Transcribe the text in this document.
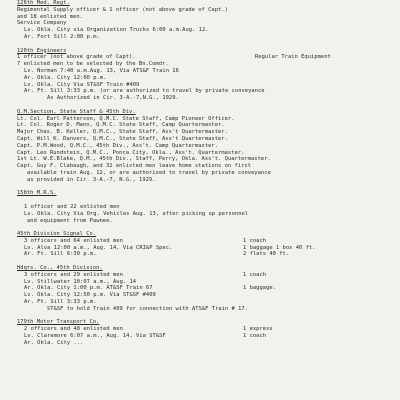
126th Med. Regt.
Regimental Supply officer & 1 officer (not above grade of Capt.)
and 18 enlisted men.
Service Company
Lv. Okla. City via Organization Trucks 6:00 a.m.Aug. 12.
Ar. Fort Sill 2:00 p.m.
120th Engineers
1 officer (not above grade of Capt).	Regular Train Equipment
7 enlisted men to be selected by the Bn.Comdr.
Lv. Norman 7:40 a.m.Aug. 13, Via ATS&F Train 16
Ar. Okla. City 12:00 p.m.
Lv. Okla. City Via ST&SF Train #409
Ar. Ft. Sill 3:33 p.m. (or are authorized to travel by private conveyance
As Authorized in Cir. 3-A.-7,N.G., 1929.
Q.M.Section, State Staff & 45th Div.
Lt. Col. Earl Patterson, Q.M.C. State Staff, Camp Pioneer Officer.
Lt. Col. Roger D. Mann, Q.M.C. State Staff, Camp Quartermaster.
Major Chas. B. Keller, Q.M.C., State Staff, Ass't Quartermaster.
Capt. Will K. Danvers, Q.M.C., State Staff, Ass't Quartermaster.
Capt. P.M.Wood, Q.M.C., 45th Div., Ass't. Camp Quartermaster.
Capt. Leo Rundstein, Q.M.C., Ponca City, Okla., Ass't. Quartermaster.
1st Lt. W.E.Blake, Q.M., 45th Div., Staff, Perry, Okla. Ass't. Quartermaster.
Capt. Guy F. Clabaugh, and 32 enlisted men leave home stations on first
available train Aug. 12, or are authorized to travel by private conveyance
as provided in Cir. 3-A.-7, N.G., 1929.
158th M.R.S.
1 officer and 22 enlisted men
Lv. Okla. City Via Org. Vehicles Aug. 13, after picking up personnel
and equipment from Pawnee.
45th Division Signal Co.
3 officers and 64 enlisted men	1 coach
Lv. Alva 12:00 a.m., Aug. 14, Via CRI&P Spec.	1 baggage 1 box 40 ft.
Ar. Ft. Sill 6:30 p.m.	2 flats 40 ft.
Hdqrs. Co., 45th Division.
3 officers and 29 enlisted men	1 coach
Lv. Stillwater 10:07 a.m., Aug. 14
Ar. Okla. City 1:00 p.m. AT&SF Train 67	1 baggage.
Lv. Okla. City 12:50 p.m. Via ST&SF #409
Ar. Ft. Sill 3:33 p.m.
ST&SF to hold Train 409 for connection with ATS&F Train # 17.
179th Motor Transport Co.
2 officers and 48 enlisted men	1 express
Lv. Claremore 6:07 a.m., Aug. 14, Via ST&SF	1 coach
Ar. Okla. City ...
